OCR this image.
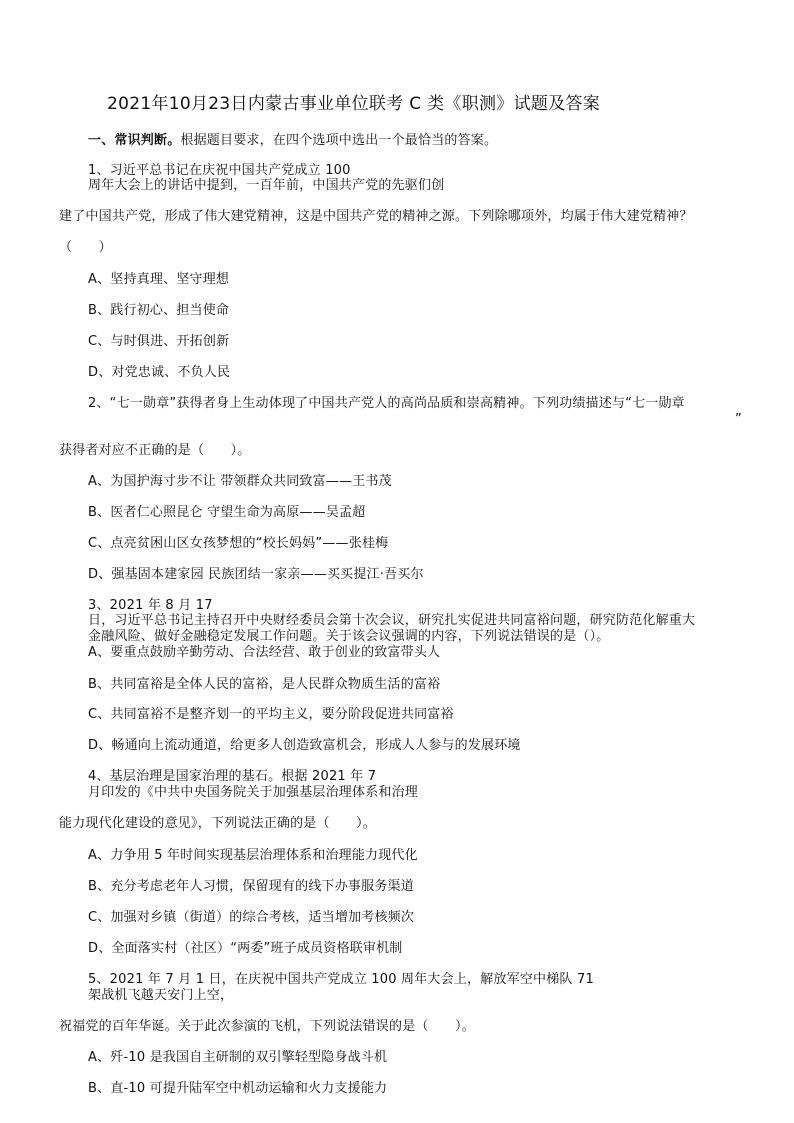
2021年10月23日内蒙古事业单位联考 C 类《职测》试题及答案
一、常识判断。根据题目要求，在四个选项中选出一个最恰当的答案。
1、习近平总书记在庆祝中国共产党成立 100
周年大会上的讲话中提到，一百年前，中国共产党的先驱们创
建了中国共产党，形成了伟大建党精神，这是中国共产党的精神之源。下列除哪项外，均属于伟大建党精神？
（　　）
A、坚持真理、坚守理想
B、践行初心、担当使命
C、与时俱进、开拓创新
D、对党忠诚、不负人民
2、“七一勋章”获得者身上生动体现了中国共产党人的高尚品质和崇高精神。下列功绩描述与“七一勋章
”
获得者对应不正确的是（　　）。
A、为国护海寸步不让 带领群众共同致富——王书茂
B、医者仁心照昆仑 守望生命为高原——吴孟超
C、点亮贫困山区女孩梦想的“校长妈妈”——张桂梅
D、强基固本建家园 民族团结一家亲——买买提江·吾买尔
3、2021 年 8 月 17
日，习近平总书记主持召开中央财经委员会第十次会议，研究扎实促进共同富裕问题，研究防范化解重大
金融风险、做好金融稳定发展工作问题。关于该会议强调的内容，下列说法错误的是（）。
A、要重点鼓励辛勤劳动、合法经营、敢于创业的致富带头人
B、共同富裕是全体人民的富裕，是人民群众物质生活的富裕
C、共同富裕不是整齐划一的平均主义，要分阶段促进共同富裕
D、畅通向上流动通道，给更多人创造致富机会，形成人人参与的发展环境
4、基层治理是国家治理的基石。根据 2021 年 7
月印发的《中共中央国务院关于加强基层治理体系和治理
能力现代化建设的意见》，下列说法正确的是（　　）。
A、力争用 5 年时间实现基层治理体系和治理能力现代化
B、充分考虑老年人习惯，保留现有的线下办事服务渠道
C、加强对乡镇（街道）的综合考核，适当增加考核频次
D、全面落实村（社区）“两委”班子成员资格联审机制
5、2021 年 7 月 1 日，在庆祝中国共产党成立 100 周年大会上，解放军空中梯队 71
架战机飞越天安门上空，
祝福党的百年华诞。关于此次参演的飞机，下列说法错误的是（　　）。
A、歼-10 是我国自主研制的双引擎轻型隐身战斗机
B、直-10 可提升陆军空中机动运输和火力支援能力
